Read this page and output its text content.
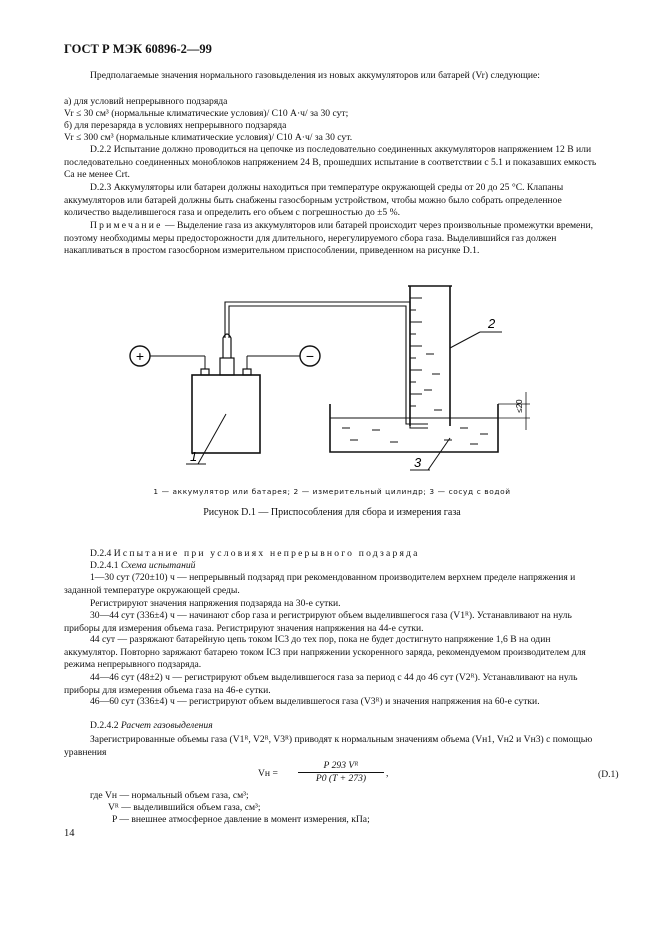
ГОСТ Р МЭК 60896-2—99

Предполагаемые значения нормального газовыделения из новых аккумуляторов или батарей (Vr) следующие:

а) для условий непрерывного подзаряда

Vr ≤ 30 см³ (нормальные климатические условия)/ C10 А·ч/ за 30 сут;

б) для перезаряда в условиях непрерывного подзаряда

Vr ≤ 300 см³ (нормальные климатические условия)/ C10 А·ч/ за 30 сут.

D.2.2 Испытание должно проводиться на цепочке из последовательно соединенных аккумуляторов напряжением 12 В или последовательно соединенных моноблоков напряжением 24 В, прошедших испытание в соответствии с 5.1 и показавших емкость Ca не менее Crt.

D.2.3 Аккумуляторы или батареи должны находиться при температуре окружающей среды от 20 до 25 °С. Клапаны аккумуляторов или батарей должны быть снабжены газосборным устройством, чтобы можно было собрать определенное количество выделившегося газа и определить его объем с погрешностью до ±5 %.

Примечание — Выделение газа из аккумуляторов или батарей происходит через произвольные промежутки времени, поэтому необходимы меры предосторожности для длительного, нерегулируемого сбора газа. Выделившийся газ должен накапливаться в простом газосборном измерительном приспособлении, приведенном на рисунке D.1.

+	−
≤20
1
2
3
1 — аккумулятор или батарея; 2 — измерительный цилиндр; 3 — сосуд с водой
Рисунок D.1 — Приспособления для сбора и измерения газа

D.2.4 Испытание при условиях непрерывного подзаряда

D.2.4.1 Схема испытаний

1—30 сут (720±10) ч — непрерывный подзаряд при рекомендованном производителем верхнем пределе напряжения и заданной температуре окружающей среды.

Регистрируют значения напряжения подзаряда на 30-е сутки.

30—44 сут (336±4) ч — начинают сбор газа и регистрируют объем выделившегося газа (V1ᴿ). Устанавливают на нуль приборы для измерения объема газа. Регистрируют значения напряжения на 44-е сутки.

44 сут — разряжают батарейную цепь током IC3 до тех пор, пока не будет достигнуто напряжение 1,6 В на один аккумулятор. Повторно заряжают батарею током IC3 при напряжении ускоренного заряда, рекомендуемом производителем для режима непрерывного подзаряда.

44—46 сут (48±2) ч — регистрируют объем выделившегося газа за период с 44 до 46 сут (V2ᴿ). Устанавливают на нуль приборы для измерения объема газа на 46-е сутки.

46—60 сут (336±4) ч — регистрируют объем выделившегося газа (V3ᴿ) и значения напряжения на 60-е сутки.

D.2.4.2 Расчет газовыделения

Зарегистрированные объемы газа (V1ᴿ, V2ᴿ, V3ᴿ) приводят к нормальным значениям объема (Vн1, Vн2 и Vн3) с помощью уравнения

Vн = $\frac{\text{P 293 Vᴿ}}{P0 (T + 273)}$ ,	(D.1)

где Vн — нормальный объем газа, см³;

Vᴿ — выделившийся объем газа, см³;

P — внешнее атмосферное давление в момент измерения, кПа;

14
